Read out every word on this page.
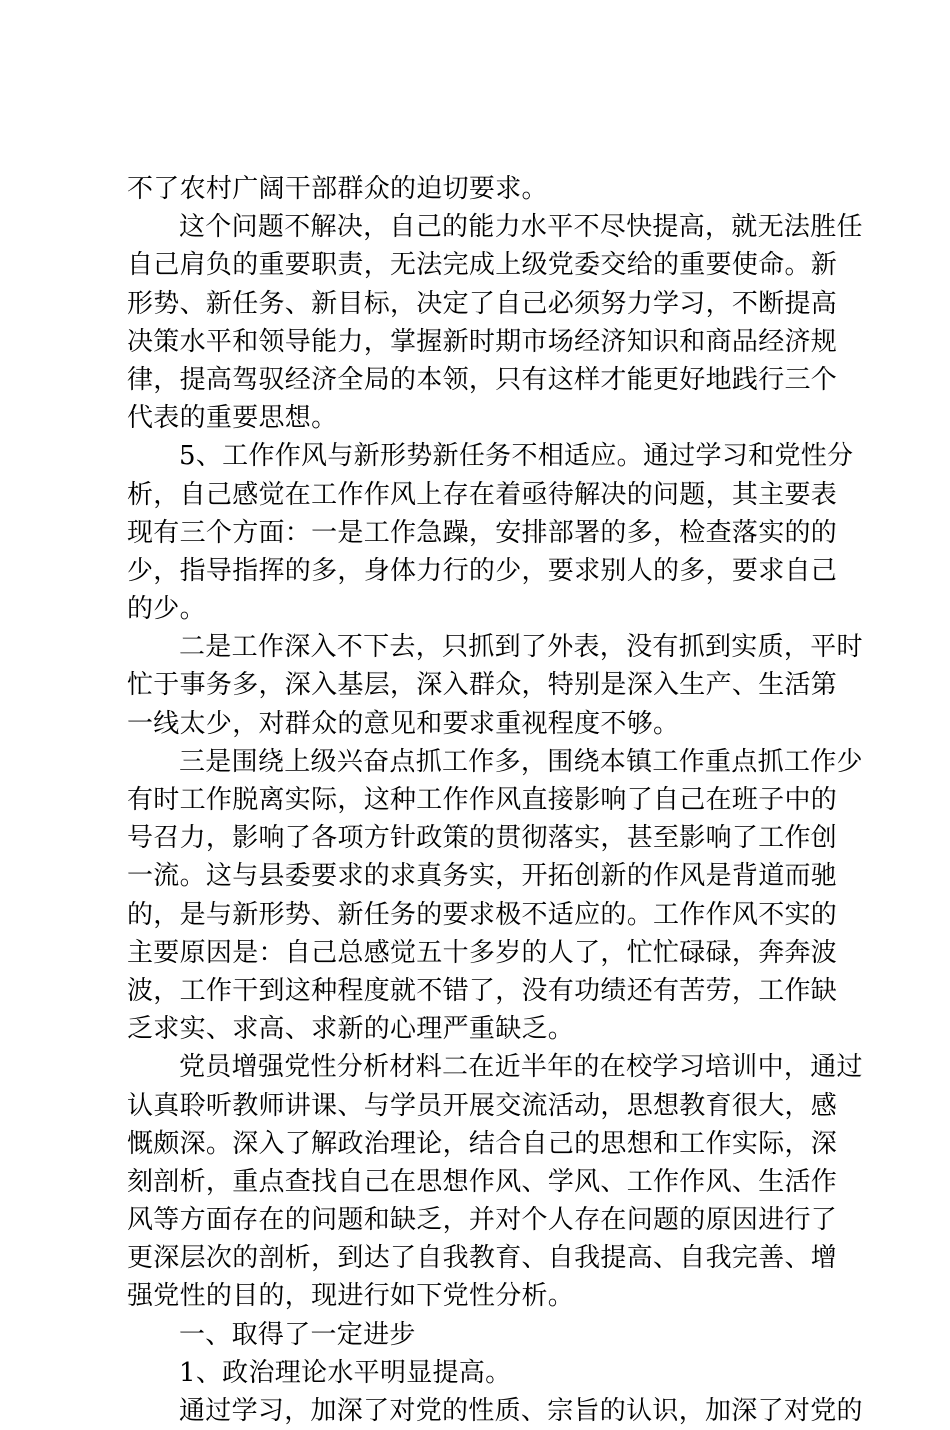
不了农村广阔干部群众的迫切要求。
这个问题不解决，自己的能力水平不尽快提高，就无法胜任
自己肩负的重要职责，无法完成上级党委交给的重要使命。新
形势、新任务、新目标，决定了自己必须努力学习，不断提高
决策水平和领导能力，掌握新时期市场经济知识和商品经济规
律，提高驾驭经济全局的本领，只有这样才能更好地践行三个
代表的重要思想。
5、工作作风与新形势新任务不相适应。通过学习和党性分
析，自己感觉在工作作风上存在着亟待解决的问题，其主要表
现有三个方面：一是工作急躁，安排部署的多，检查落实的的
少，指导指挥的多，身体力行的少，要求别人的多，要求自己
的少。
二是工作深入不下去，只抓到了外表，没有抓到实质，平时
忙于事务多，深入基层，深入群众，特别是深入生产、生活第
一线太少，对群众的意见和要求重视程度不够。
三是围绕上级兴奋点抓工作多，围绕本镇工作重点抓工作少
有时工作脱离实际，这种工作作风直接影响了自己在班子中的
号召力，影响了各项方针政策的贯彻落实，甚至影响了工作创
一流。这与县委要求的求真务实，开拓创新的作风是背道而驰
的，是与新形势、新任务的要求极不适应的。工作作风不实的
主要原因是：自己总感觉五十多岁的人了，忙忙碌碌，奔奔波
波，工作干到这种程度就不错了，没有功绩还有苦劳，工作缺
乏求实、求高、求新的心理严重缺乏。
党员增强党性分析材料二在近半年的在校学习培训中，通过
认真聆听教师讲课、与学员开展交流活动，思想教育很大，感
慨颇深。深入了解政治理论，结合自己的思想和工作实际，深
刻剖析，重点查找自己在思想作风、学风、工作作风、生活作
风等方面存在的问题和缺乏，并对个人存在问题的原因进行了
更深层次的剖析，到达了自我教育、自我提高、自我完善、增
强党性的目的，现进行如下党性分析。
一、取得了一定进步
1、政治理论水平明显提高。
通过学习，加深了对党的性质、宗旨的认识，加深了对党的
